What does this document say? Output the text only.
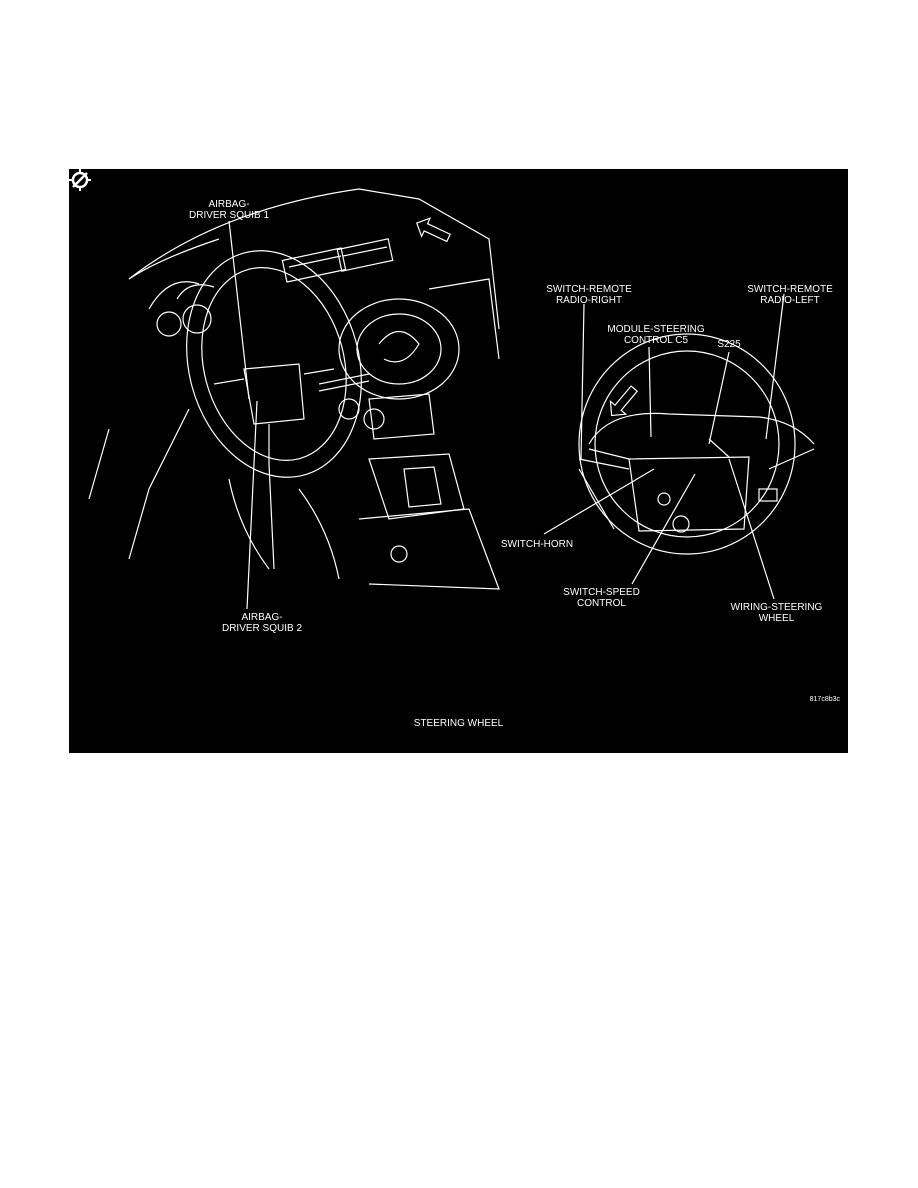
AIRBAG-
DRIVER SQUIB 1
AIRBAG-
DRIVER SQUIB 2
SWITCH-REMOTE
RADIO-RIGHT
SWITCH-REMOTE
RADIO-LEFT
MODULE-STEERING
CONTROL C5	S225
SWITCH-HORN
SWITCH-SPEED
CONTROL	WIRING-STEERING
WHEEL
817c8b3c
STEERING WHEEL
